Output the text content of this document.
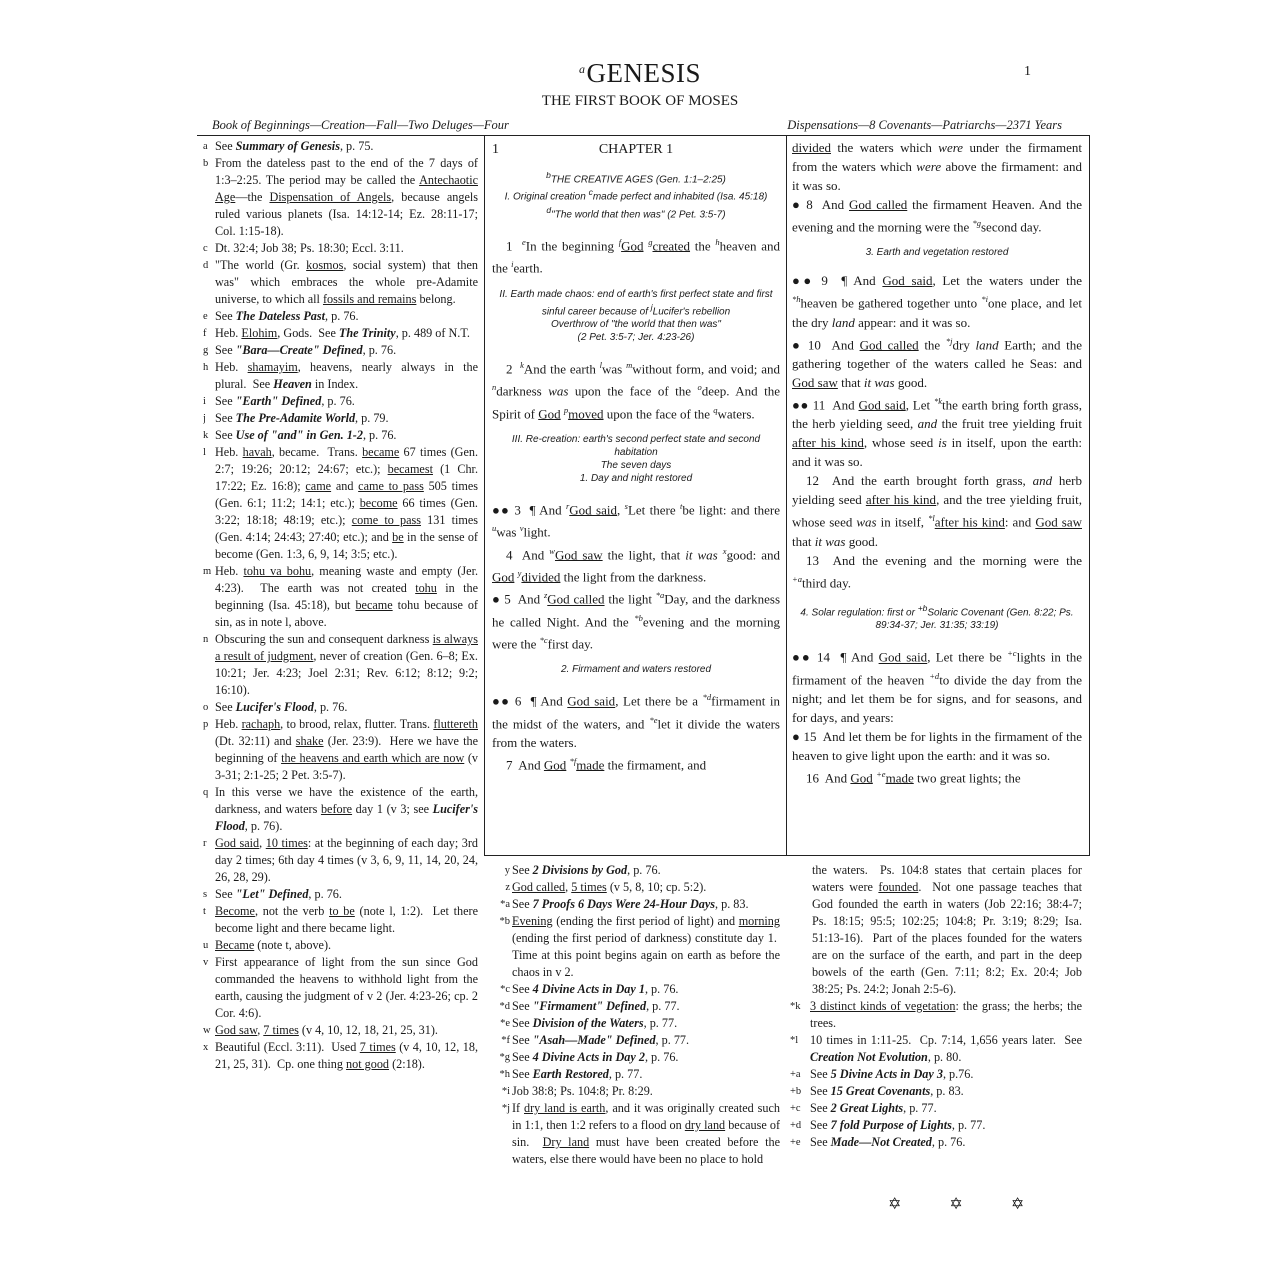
$^a$GENESIS
THE FIRST BOOK OF MOSES
1
Book of Beginnings—Creation—Fall—Two Deluges—Four	Dispensations—8 Covenants—Patriarchs—2371 Years
a See Summary of Genesis, p. 75.
b From the dateless past to the end of the 7 days of 1:3–2:25. The period may be called the Antechaotic Age—the Dispensation of Angels, because angels ruled various planets (Isa. 14:12-14; Ez. 28:11-17; Col. 1:15-18).
c Dt. 32:4; Job 38; Ps. 18:30; Eccl. 3:11.
d "The world (Gr. kosmos, social system) that then was" which embraces the whole pre-Adamite universe, to which all fossils and remains belong.
e See The Dateless Past, p. 76.
f Heb. Elohim, Gods.  See The Trinity, p. 489 of N.T.
g See "Bara—Create" Defined, p. 76.
h Heb. shamayim, heavens, nearly always in the plural.  See Heaven in Index.
i See "Earth" Defined, p. 76.
j See The Pre-Adamite World, p. 79.
k See Use of "and" in Gen. 1-2, p. 76.
l Heb. havah, became.  Trans. became 67 times (Gen. 2:7; 19:26; 20:12; 24:67; etc.); becamest (1 Chr. 17:22; Ez. 16:8); came and came to pass 505 times (Gen. 6:1; 11:2; 14:1; etc.); become 66 times (Gen. 3:22; 18:18; 48:19; etc.); come to pass 131 times (Gen. 4:14; 24:43; 27:40; etc.); and be in the sense of become (Gen. 1:3, 6, 9, 14; 3:5; etc.).
m Heb. tohu va bohu, meaning waste and empty (Jer. 4:23).  The earth was not created tohu in the beginning (Isa. 45:18), but became tohu because of sin, as in note l, above.
n Obscuring the sun and consequent darkness is always a result of judgment, never of creation (Gen. 6–8; Ex. 10:21; Jer. 4:23; Joel 2:31; Rev. 6:12; 8:12; 9:2; 16:10).
o See Lucifer's Flood, p. 76.
p Heb. rachaph, to brood, relax, flutter. Trans. fluttereth (Dt. 32:11) and shake (Jer. 23:9).  Here we have the beginning of the heavens and earth which are now (v 3-31; 2:1-25; 2 Pet. 3:5-7).
q In this verse we have the existence of the earth, darkness, and waters before day 1 (v 3; see Lucifer's Flood, p. 76).
r God said, 10 times: at the beginning of each day; 3rd day 2 times; 6th day 4 times (v 3, 6, 9, 11, 14, 20, 24, 26, 28, 29).
s See "Let" Defined, p. 76.
t Become, not the verb to be (note l, 1:2).  Let there become light and there became light.
u Became (note t, above).
v First appearance of light from the sun since God commanded the heavens to withhold light from the earth, causing the judgment of v 2 (Jer. 4:23-26; cp. 2 Cor. 4:6).
w God saw, 7 times (v 4, 10, 12, 18, 21, 25, 31).
x Beautiful (Eccl. 3:11).  Used 7 times (v 4, 10, 12, 18, 21, 25, 31).  Cp. one thing not good (2:18).
1	CHAPTER 1
$^b$THE CREATIVE AGES (Gen. 1:1–2:25)
I. Original creation $^c$made perfect and inhabited (Isa. 45:18)
$^d$"The world that then was" (2 Pet. 3:5-7)

1  $^e$In the beginning $^f$God $^g$created the $^h$heaven and the $^i$earth.

II. Earth made chaos: end of earth's first perfect state and first sinful career because of $^j$Lucifer's rebellion
Overthrow of "the world that then was"
(2 Pet. 3:5-7; Jer. 4:23-26)

2  $^k$And the earth $^l$was $^m$without form, and void; and $^n$darkness was upon the face of the $^o$deep. And the Spirit of God $^p$moved upon the face of the $^q$waters.

III. Re-creation: earth's second perfect state and second habitation
The seven days
1. Day and night restored

●● 3  ¶ And $^r$God said, $^s$Let there $^t$be light: and there $^u$was $^v$light.

4  And $^w$God saw the light, that it was $^x$good: and God $^y$divided the light from the darkness.

● 5  And $^z$God called the light $^{*a}$Day, and the darkness he called Night. And the $^{*b}$evening and the morning were the $^{*c}$first day.

2. Firmament and waters restored

●● 6  ¶ And God said, Let there be a $^{*d}$firmament in the midst of the waters, and $^{*e}$let it divide the waters from the waters.

7  And God $^{*f}$made the firmament, and

divided the waters which were under the firmament from the waters which were above the firmament: and it was so.

● 8  And God called the firmament Heaven. And the evening and the morning were the $^{*g}$second day.

3. Earth and vegetation restored

●● 9  ¶ And God said, Let the waters under the $^{*h}$heaven be gathered together unto $^{*i}$one place, and let the dry land appear: and it was so.

● 10  And God called the $^{*j}$dry land Earth; and the gathering together of the waters called he Seas: and God saw that it was good.

●● 11  And God said, Let $^{*k}$the earth bring forth grass, the herb yielding seed, and the fruit tree yielding fruit after his kind, whose seed is in itself, upon the earth: and it was so.

12  And the earth brought forth grass, and herb yielding seed after his kind, and the tree yielding fruit, whose seed was in itself, $^{*l}$after his kind: and God saw that it was good.

13  And the evening and the morning were the $^{+a}$third day.

4. Solar regulation: first or $^{+b}$Solaric Covenant (Gen. 8:22; Ps. 89:34-37; Jer. 31:35; 33:19)

●● 14  ¶ And God said, Let there be $^{+c}$lights in the firmament of the heaven $^{+d}$to divide the day from the night; and let them be for signs, and for seasons, and for days, and years:

● 15  And let them be for lights in the firmament of the heaven to give light upon the earth: and it was so.

16  And God $^{+e}$made two great lights; the

y See 2 Divisions by God, p. 76.
z God called, 5 times (v 5, 8, 10; cp. 5:2).
*a See 7 Proofs 6 Days Were 24-Hour Days, p. 83.
*b Evening (ending the first period of light) and morning (ending the first period of darkness) constitute day 1.  Time at this point begins again on earth as before the chaos in v 2.
*c See 4 Divine Acts in Day 1, p. 76.
*d See "Firmament" Defined, p. 77.
*e See Division of the Waters, p. 77.
*f See "Asah—Made" Defined, p. 77.
*g See 4 Divine Acts in Day 2, p. 76.
*h See Earth Restored, p. 77.
*i Job 38:8; Ps. 104:8; Pr. 8:29.
*j If dry land is earth, and it was originally created such in 1:1, then 1:2 refers to a flood on dry land because of sin.  Dry land must have been created before the waters, else there would have been no place to hold
the waters.  Ps. 104:8 states that certain places for waters were founded.  Not one passage teaches that God founded the earth in waters (Job 22:16; 38:4-7; Ps. 18:15; 95:5; 102:25; 104:8; Pr. 3:19; 8:29; Isa. 51:13-16).  Part of the places founded for the waters are on the surface of the earth, and part in the deep bowels of the earth (Gen. 7:11; 8:2; Ex. 20:4; Job 38:25; Ps. 24:2; Jonah 2:5-6).
*k 3 distinct kinds of vegetation: the grass; the herbs; the trees.
*l 10 times in 1:11-25.  Cp. 7:14, 1,656 years later.  See Creation Not Evolution, p. 80.
+a See 5 Divine Acts in Day 3, p.76.
+b See 15 Great Covenants, p. 83.
+c See 2 Great Lights, p. 77.
+d See 7 fold Purpose of Lights, p. 77.
+e See Made—Not Created, p. 76.
✡ ✡ ✡
